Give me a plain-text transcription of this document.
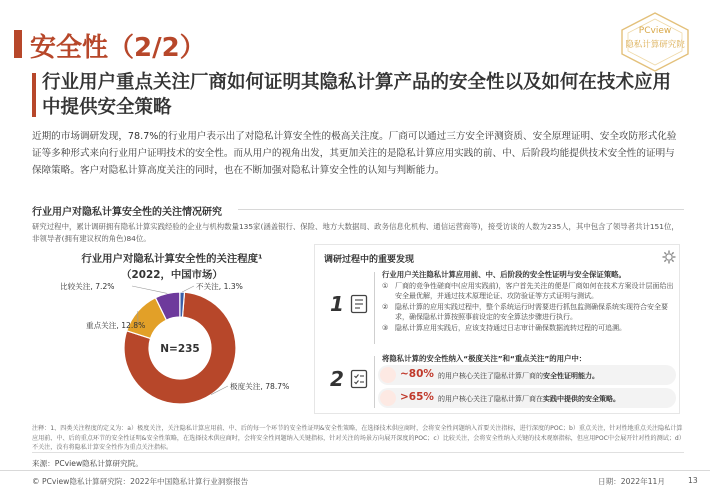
安全性（2/2）
PCview
隐私计算研究院
行业用户重点关注厂商如何证明其隐私计算产品的安全性以及如何在技术应用中提供安全策略
近期的市场调研发现，78.7%的行业用户表示出了对隐私计算安全性的极高关注度。厂商可以通过三方安全评测资质、安全原理证明、安全攻防形式化验证等多种形式来向行业用户证明技术的安全性。而从用户的视角出发，其更加关注的是隐私计算应用实践的前、中、后阶段均能提供技术安全性的证明与保障策略。客户对隐私计算高度关注的同时，也在不断加强对隐私计算安全性的认知与判断能力。
行业用户对隐私计算安全性的关注情况研究
研究过程中，累计调研拥有隐私计算实践经验的企业与机构数量135家(涵盖银行、保险、地方大数据局、政务信息化机构、通信运营商等)，接受访谈的人数为235人，其中包含了领导者共计151位，非领导者(拥有建议权的角色)84位。
行业用户对隐私计算安全性的关注程度¹
（2022，中国市场）
N=235
极度关注, 78.7%
重点关注, 12.8%
比较关注, 7.2%	不关注, 1.3%
调研过程中的重要发现
行业用户关注隐私计算应用前、中、后阶段的安全性证明与安全保证策略。
1
① 厂商的竞争性磋商中(应用实践前)，客户首先关注的便是厂商如何在技术方案设计层面给出安全最优解，并通过技术原理论证、攻防验证等方式证明与测试。
② 隐私计算的应用实践过程中，整个系统运行时需要进行抓包监测确保系统实现符合安全要求，确保隐私计算按照事前设定的安全算法步骤进行执行。
③ 隐私计算应用实践后，应该支持通过日志审计确保数据流转过程的可追溯。
将隐私计算的安全性纳入“极度关注”和“重点关注”的用户中：
2	~80% 的用户核心关注了隐私计算厂商的安全性证明能力。
>65% 的用户核心关注了隐私计算厂商在实践中提供的安全策略。
注释：1、四类关注程度的定义为：a）极度关注，关注隐私计算应用前、中、后的每一个环节的安全性证明&安全性策略，在选择技术供应商时，会将安全性问题纳入首要关注指标，进行深度的POC；b）重点关注，针对性地重点关注隐私计算应用前、中、后的重点环节的安全性证明&安全性策略，在选择技术供应商时，会将安全性问题纳入关键指标，针对关注的场景方向展开深度的POC；c）比较关注，会将安全性纳入关键的技术观察指标，但应用POC中会展开针对性的测试；d）不关注，没有将隐私计算安全性作为重点关注指标。
来源：PCview隐私计算研究院。
© PCview隐私计算研究院：2022年中国隐私计算行业洞察报告	日期：2022年11月	13
